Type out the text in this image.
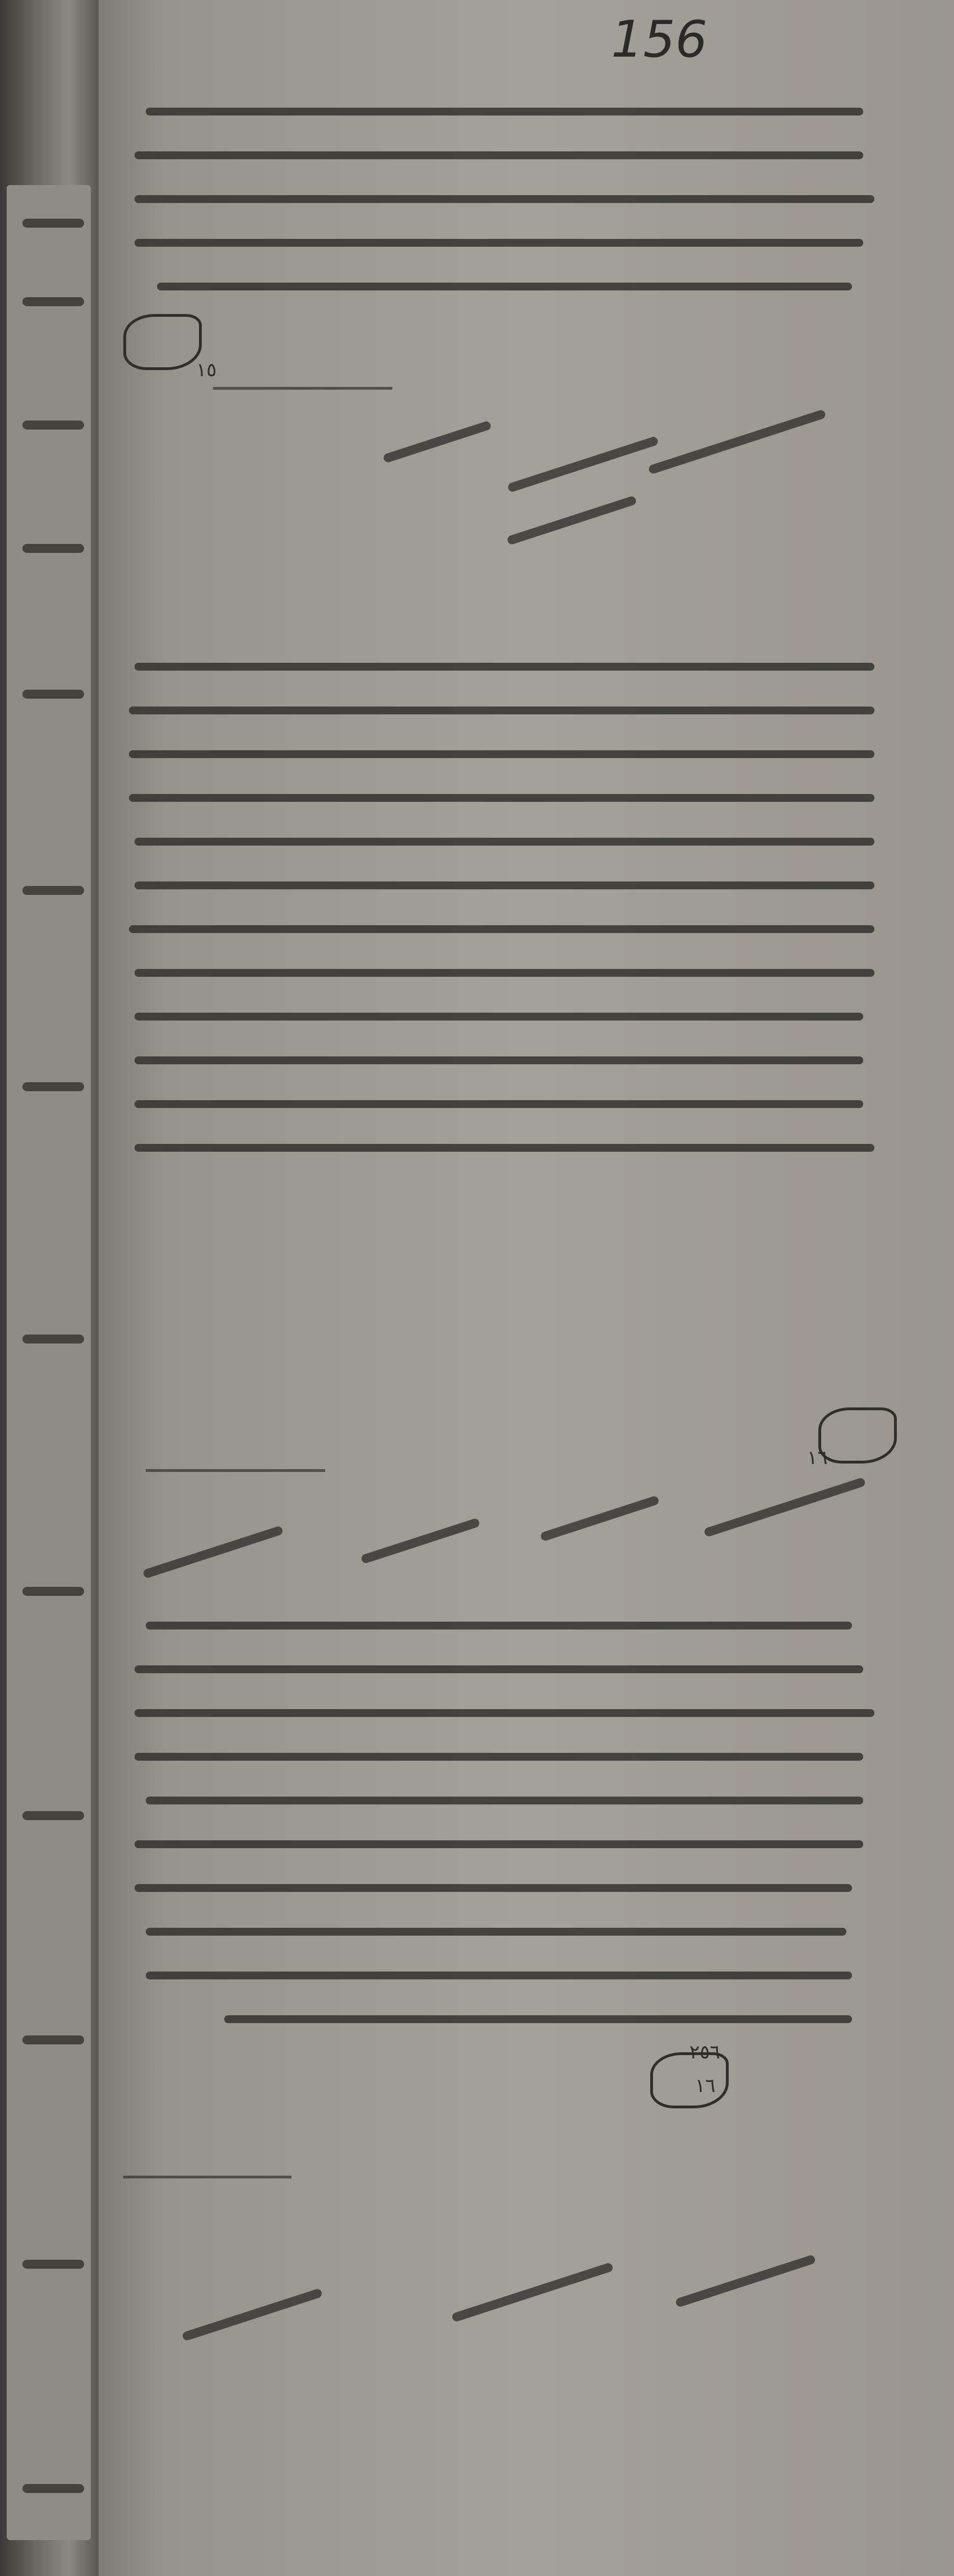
156
١٥
١٦
٢٥٦
١٦
